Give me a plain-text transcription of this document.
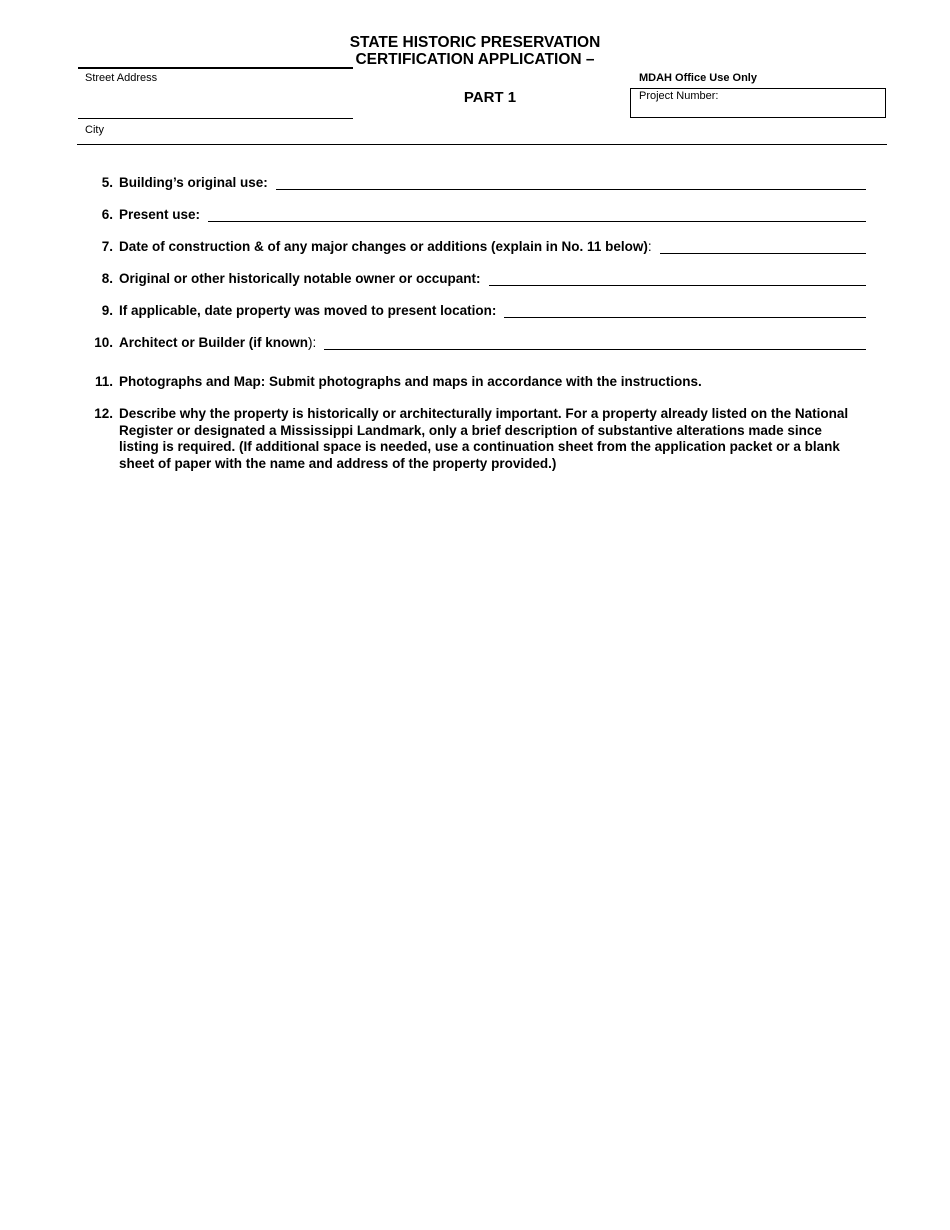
STATE HISTORIC PRESERVATION
CERTIFICATION APPLICATION –
Street Address
PART 1
MDAH Office Use Only
Project Number:
City
5. Building’s original use:
6. Present use:
7. Date of construction & of any major changes or additions (explain in No. 11 below):
8. Original or other historically notable owner or occupant:
9. If applicable, date property was moved to present location:
10. Architect or Builder (if known):
11. Photographs and Map: Submit photographs and maps in accordance with the instructions.
12. Describe why the property is historically or architecturally important. For a property already listed on the National Register or designated a Mississippi Landmark, only a brief description of substantive alterations made since listing is required. (If additional space is needed, use a continuation sheet from the application packet or a blank sheet of paper with the name and address of the property provided.)
